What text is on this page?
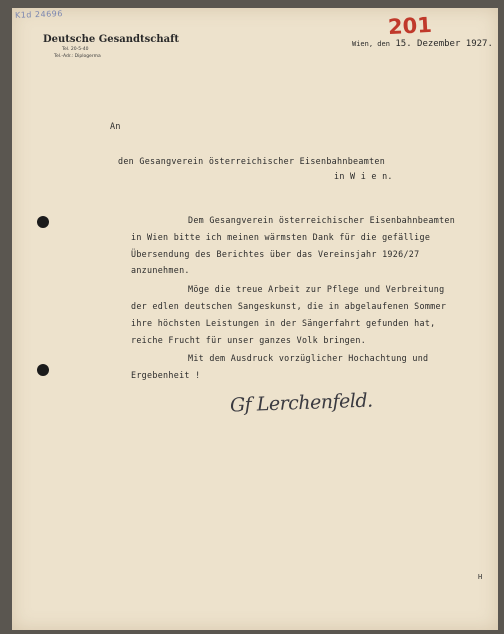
K1d 24696	201
Deutsche Gesandtschaft
Tel. 20-5-40
Tel.-Adr.: Diplogerma
Wien, den 15. Dezember 1927.
An
den Gesangverein österreichischer Eisenbahnbeamten
in W i e n.
Dem Gesangverein österreichischer Eisenbahnbeamten
in Wien bitte ich meinen wärmsten Dank für die gefällige
Übersendung des Berichtes über das Vereinsjahr 1926/27
anzunehmen.
Möge die treue Arbeit zur Pflege und Verbreitung
der edlen deutschen Sangeskunst, die in abgelaufenen Sommer
ihre höchsten Leistungen in der Sängerfahrt gefunden hat,
reiche Frucht für unser ganzes Volk bringen.
Mit dem Ausdruck vorzüglicher Hochachtung und
Ergebenheit !
Gf Lerchenfeld.
H
